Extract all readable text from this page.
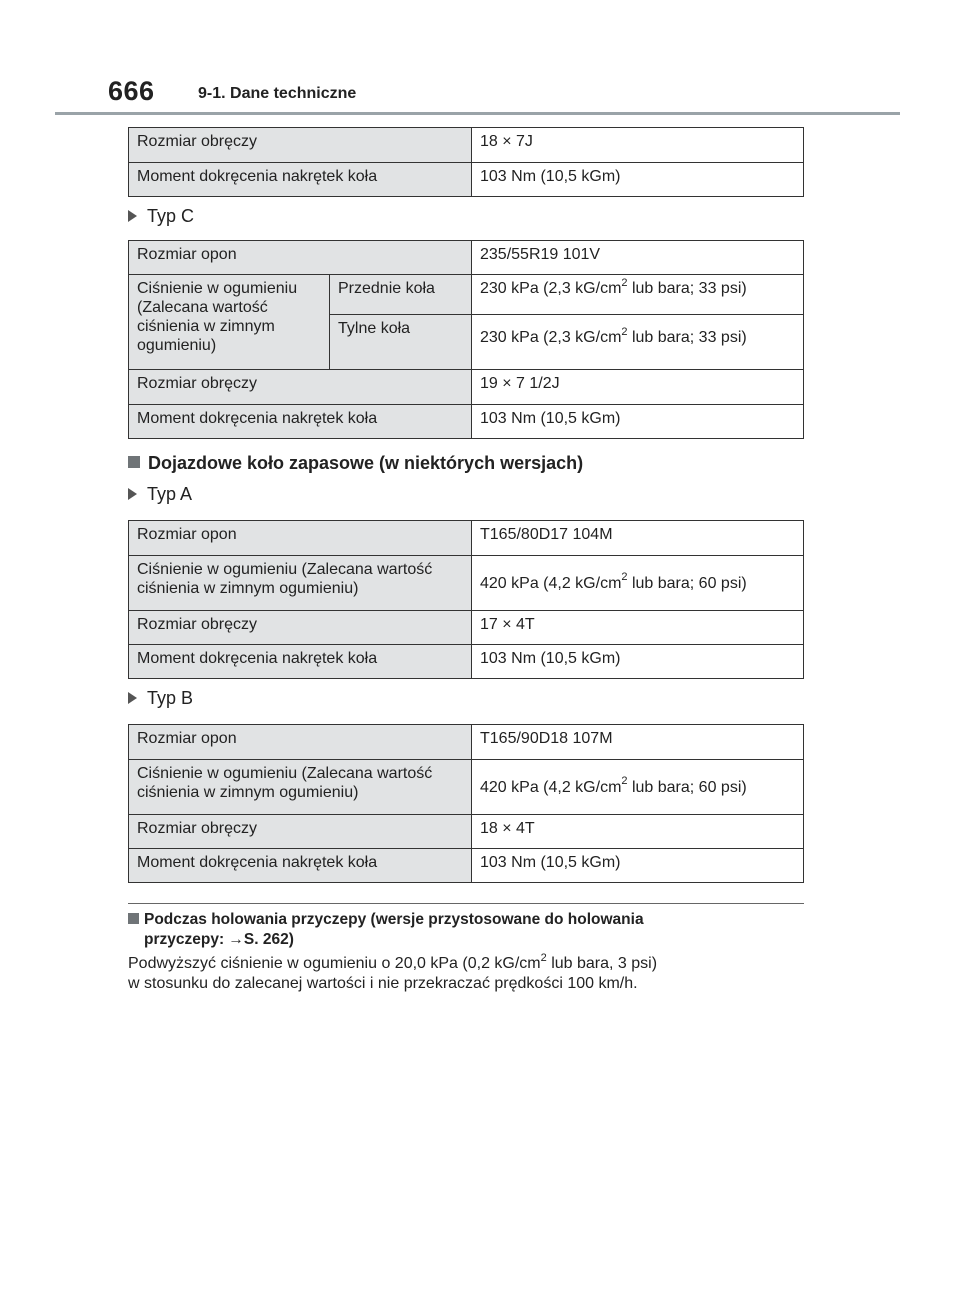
666	9-1. Dane techniczne
Rozmiar obręczy	18 × 7J
Moment dokręcenia nakrętek koła	103 Nm (10,5 kGm)
Typ C
Rozmiar opon		235/55R19 101V
Ciśnienie w ogumieniu (Zalecana wartość ciśnienia w zimnym ogumieniu)	Przednie koła	230 kPa (2,3 $kG/cm^2$ lub bara; 33 psi)
	Tylne koła	230 kPa (2,3 $kG/cm^2$ lub bara; 33 psi)
Rozmiar obręczy		19 × 7 1/2J
Moment dokręcenia nakrętek koła		103 Nm (10,5 kGm)
Dojazdowe koło zapasowe (w niektórych wersjach)
Typ A
Rozmiar opon	T165/80D17 104M
Ciśnienie w ogumieniu (Zalecana wartość ciśnienia w zimnym ogumieniu)	420 kPa (4,2 $kG/cm^2$ lub bara; 60 psi)
Rozmiar obręczy	17 × 4T
Moment dokręcenia nakrętek koła	103 Nm (10,5 kGm)
Typ B
Rozmiar opon	T165/90D18 107M
Ciśnienie w ogumieniu (Zalecana wartość ciśnienia w zimnym ogumieniu)	420 kPa (4,2 $kG/cm^2$ lub bara; 60 psi)
Rozmiar obręczy	18 × 4T
Moment dokręcenia nakrętek koła	103 Nm (10,5 kGm)
Podczas holowania przyczepy (wersje przystosowane do holowania
przyczepy: →S. 262)
Podwyższyć ciśnienie w ogumieniu o 20,0 kPa (0,2 $kG/cm^2$ lub bara, 3 psi)
w stosunku do zalecanej wartości i nie przekraczać prędkości 100 km/h.
